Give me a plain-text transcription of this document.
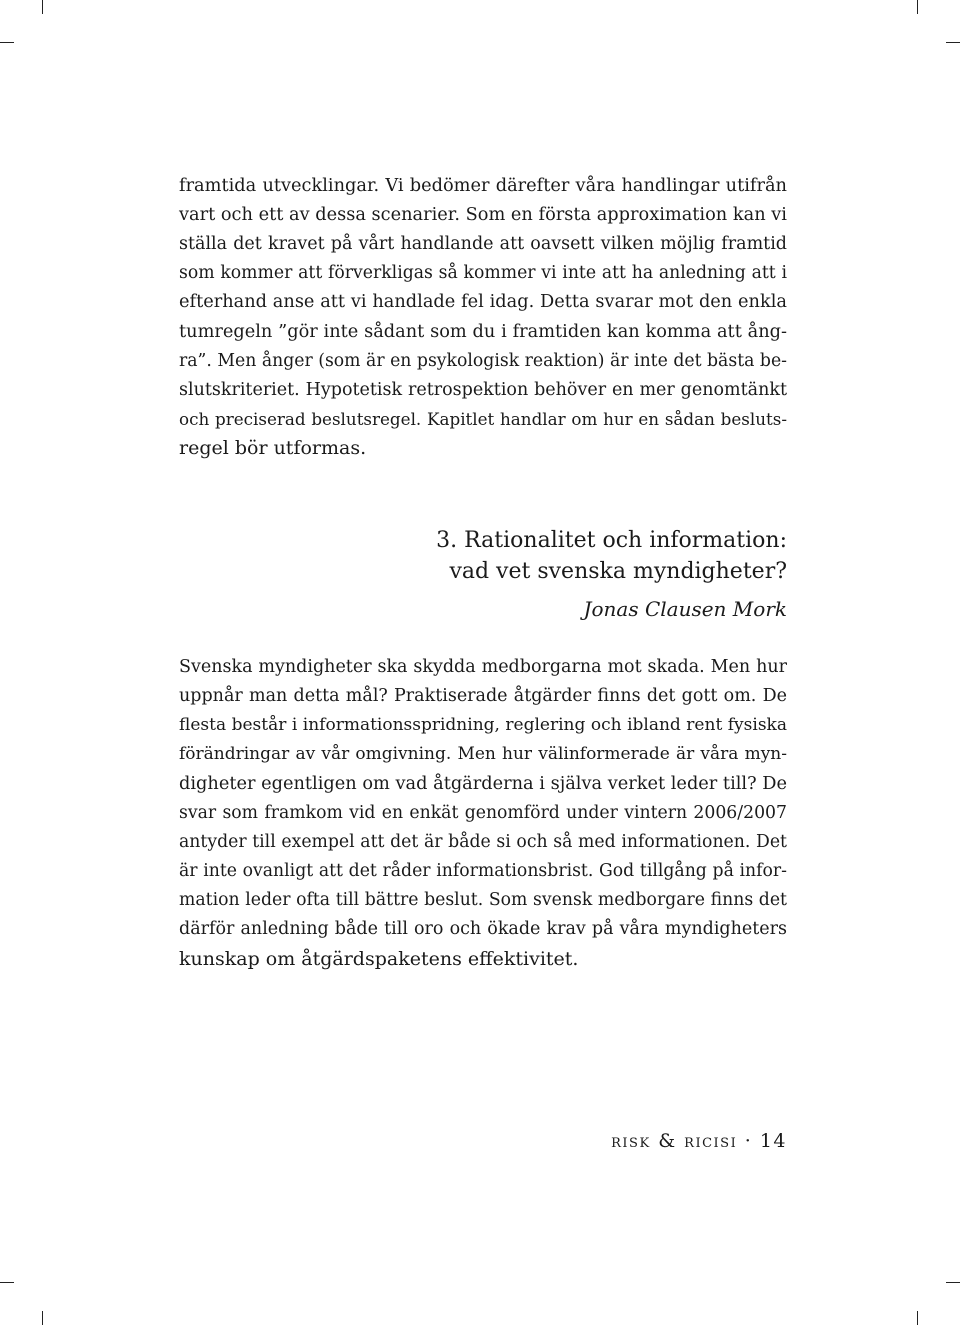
framtida utvecklingar. Vi bedömer därefter våra handlingar utifrån
vart och ett av dessa scenarier. Som en första approximation kan vi
ställa det kravet på vårt handlande att oavsett vilken möjlig framtid
som kommer att förverkligas så kommer vi inte att ha anledning att i
efterhand anse att vi handlade fel idag. Detta svarar mot den enkla
tumregeln ”gör inte sådant som du i framtiden kan komma att ång-
ra”. Men ånger (som är en psykologisk reaktion) är inte det bästa be-
slutskriteriet. Hypotetisk retrospektion behöver en mer genomtänkt
och preciserad beslutsregel. Kapitlet handlar om hur en sådan besluts-
regel bör utformas.
3. Rationalitet och information:
vad vet svenska myndigheter?
Jonas Clausen Mork
Svenska myndigheter ska skydda medborgarna mot skada. Men hur
uppnår man detta mål? Praktiserade åtgärder finns det gott om. De
flesta består i informationsspridning, reglering och ibland rent fysiska
förändringar av vår omgivning. Men hur välinformerade är våra myn-
digheter egentligen om vad åtgärderna i själva verket leder till? De
svar som framkom vid en enkät genomförd under vintern 2006/2007
antyder till exempel att det är både si och så med informationen. Det
är inte ovanligt att det råder informationsbrist. God tillgång på infor-
mation leder ofta till bättre beslut. Som svensk medborgare finns det
därför anledning både till oro och ökade krav på våra myndigheters
kunskap om åtgärdspaketens effektivitet.
risk & ricisi · 14
